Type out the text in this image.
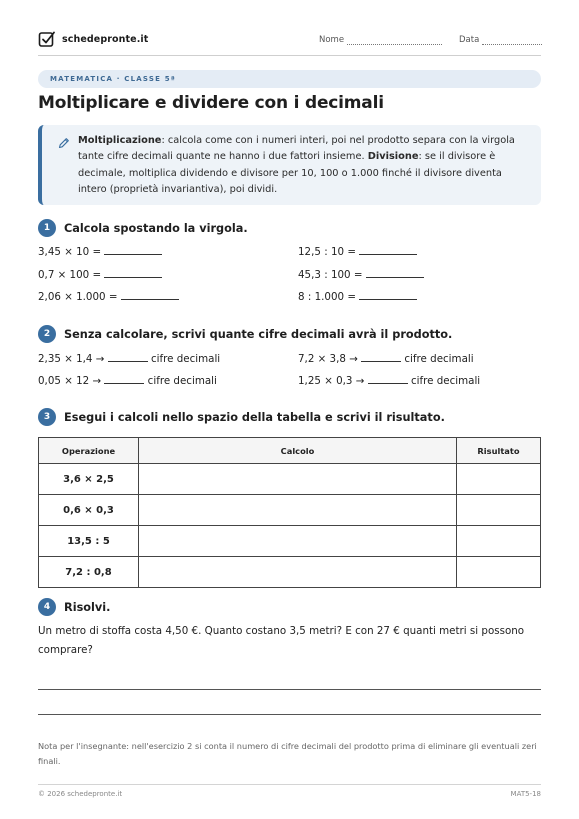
schedepronte.it	Nome	Data
MATEMATICA · CLASSE 5ª
Moltiplicare e dividere con i decimali

Moltiplicazione: calcola come con i numeri interi, poi nel prodotto separa con la virgola tante cifre decimali quante ne hanno i due fattori insieme. Divisione: se il divisore è decimale, moltiplica dividendo e divisore per 10, 100 o 1.000 finché il divisore diventa intero (proprietà invariantiva), poi dividi.

1	Calcola spostando la virgola.
3,45 × 10 =	12,5 : 10 =
0,7 × 100 =	45,3 : 100 =
2,06 × 1.000 =	8 : 1.000 =
2	Senza calcolare, scrivi quante cifre decimali avrà il prodotto.
2,35 × 1,4 →	cifre decimali	7,2 × 3,8 →	cifre decimali
0,05 × 12 →	cifre decimali	1,25 × 0,3 →	cifre decimali
3	Esegui i calcoli nello spazio della tabella e scrivi il risultato.
Operazione	Calcolo	Risultato
3,6 × 2,5		
0,6 × 0,3		
13,5 : 5		
7,2 : 0,8		
4	Risolvi.

Un metro di stoffa costa 4,50 €. Quanto costano 3,5 metri? E con 27 € quanti metri si possono comprare?

Nota per l'insegnante: nell'esercizio 2 si conta il numero di cifre decimali del prodotto prima di eliminare gli eventuali zeri finali.

© 2026 schedepronte.it	MAT5-18
